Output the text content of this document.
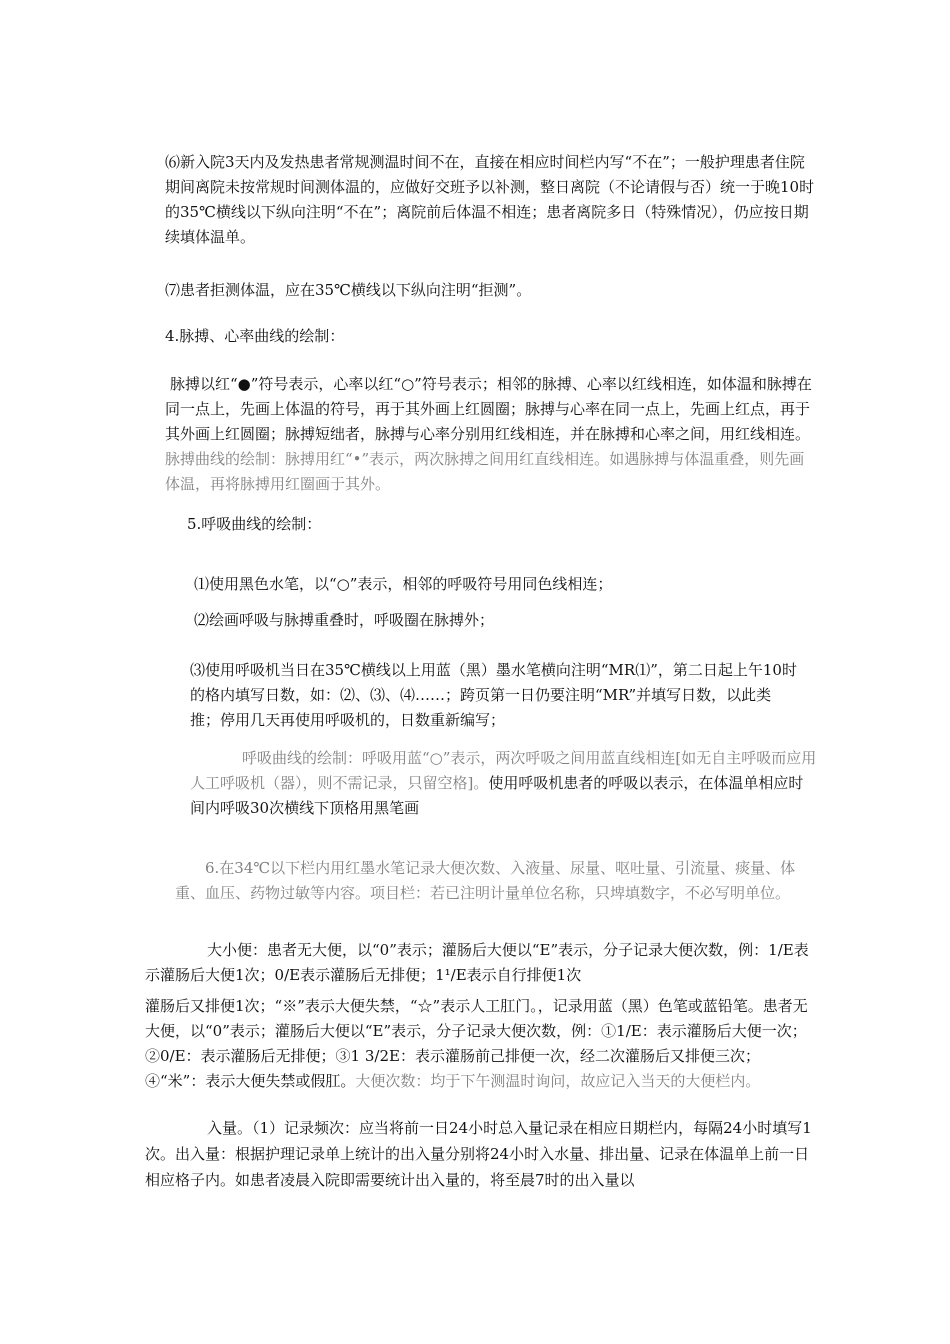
⑹新入院3天内及发热患者常规测温时间不在，直接在相应时间栏内写“不在”；一般护理患者住院期间离院未按常规时间测体温的，应做好交班予以补测，整日离院（不论请假与否）统一于晚10时的35℃横线以下纵向注明“不在”；离院前后体温不相连；患者离院多日（特殊情况），仍应按日期续填体温单。

⑺患者拒测体温，应在35℃横线以下纵向注明“拒测”。

4.脉搏、心率曲线的绘制：

脉搏以红“●”符号表示，心率以红“○”符号表示；相邻的脉搏、心率以红线相连，如体温和脉搏在同一点上，先画上体温的符号，再于其外画上红圆圈；脉搏与心率在同一点上，先画上红点，再于其外画上红圆圈；脉搏短绌者，脉搏与心率分别用红线相连，并在脉搏和心率之间，用红线相连。脉搏曲线的绘制：脉搏用红“•”表示，两次脉搏之间用红直线相连。如遇脉搏与体温重叠，则先画体温，再将脉搏用红圈画于其外。

5.呼吸曲线的绘制：

⑴使用黑色水笔，以“○”表示，相邻的呼吸符号用同色线相连；

⑵绘画呼吸与脉搏重叠时，呼吸圈在脉搏外；

⑶使用呼吸机当日在35℃横线以上用蓝（黑）墨水笔横向注明“MR⑴”，第二日起上午10时的格内填写日数，如：⑵、⑶、⑷……；跨页第一日仍要注明“MR”并填写日数，以此类推；停用几天再使用呼吸机的，日数重新编写；

呼吸曲线的绘制：呼吸用蓝“○”表示，两次呼吸之间用蓝直线相连[如无自主呼吸而应用人工呼吸机（器），则不需记录，只留空格]。使用呼吸机患者的呼吸以表示，在体温单相应时间内呼吸30次横线下顶格用黑笔画

6.在34℃以下栏内用红墨水笔记录大便次数、入液量、尿量、呕吐量、引流量、痰量、体重、血压、药物过敏等内容。项目栏：若已注明计量单位名称，只埤填数字，不必写明单位。

大小便：患者无大便，以“0”表示；灌肠后大便以“E”表示，分子记录大便次数，例：1/E表示灌肠后大便1次；0/E表示灌肠后无排便；1¹/E表示自行排便1次

灌肠后又排便1次；“※”表示大便失禁，“☆”表示人工肛门。，记录用蓝（黑）色笔或蓝铅笔。患者无大便，以“0”表示；灌肠后大便以“E”表示，分子记录大便次数，例：①1/E：表示灌肠后大便一次；②0/E：表示灌肠后无排便；③1 3/2E：表示灌肠前己排便一次，经二次灌肠后又排便三次；④“米”：表示大便失禁或假肛。大便次数：均于下午测温时询问，故应记入当天的大便栏内。

入量。（1）记录频次：应当将前一日24小时总入量记录在相应日期栏内，每隔24小时填写1次。出入量：根据护理记录单上统计的出入量分别将24小时入水量、排出量、记录在体温单上前一日相应格子内。如患者凌晨入院即需要统计出入量的，将至晨7时的出入量以
